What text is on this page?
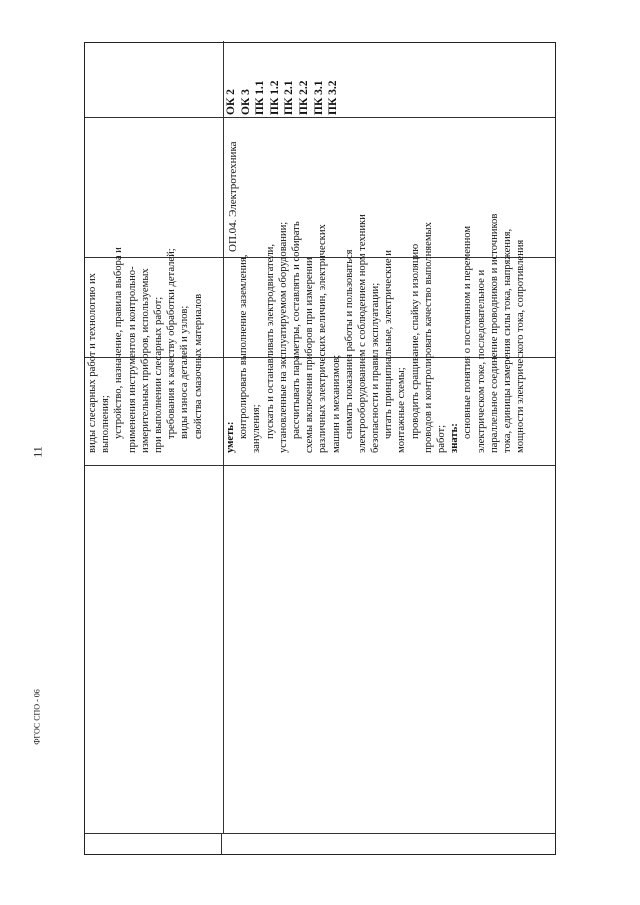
11
ФГОС СПО - 06
виды слесарных работ и технологию их выполнения; устройство, назначение, правила выбора и применения инструментов и контрольно- измерительных приборов, используемых при выполнении слесарных работ; требования к качеству обработки деталей; виды износа деталей и узлов; свойства смазочных материалов уметь: контролировать выполнение заземления, зануления; пускать и останавливать электродвигатели, установленные на эксплуатируемом оборудовании; рассчитывать параметры, составлять и собирать схемы включения приборов при измерении различных электрических величин, электрических машин и механизмов; снимать показания работы и пользоваться электрооборудованием с соблюдением норм техники безопасности и правил эксплуатации; читать принципиальные, электрические и монтажные схемы; проводить сращивание, спайку и изоляцию проводов и контролировать качество выполняемых работ; знать: основные понятия о постоянном и переменном электрическом токе, последовательное и параллельное соединение проводников и источников тока, единицы измерения силы тока, напряжения, мощности электрического тока, сопротивления
ОП.04. Электротехника
ОК 2 ОК 3 ПК 1.1 ПК 1.2 ПК 2.1 ПК 2.2 ПК 3.1 ПК 3.2
